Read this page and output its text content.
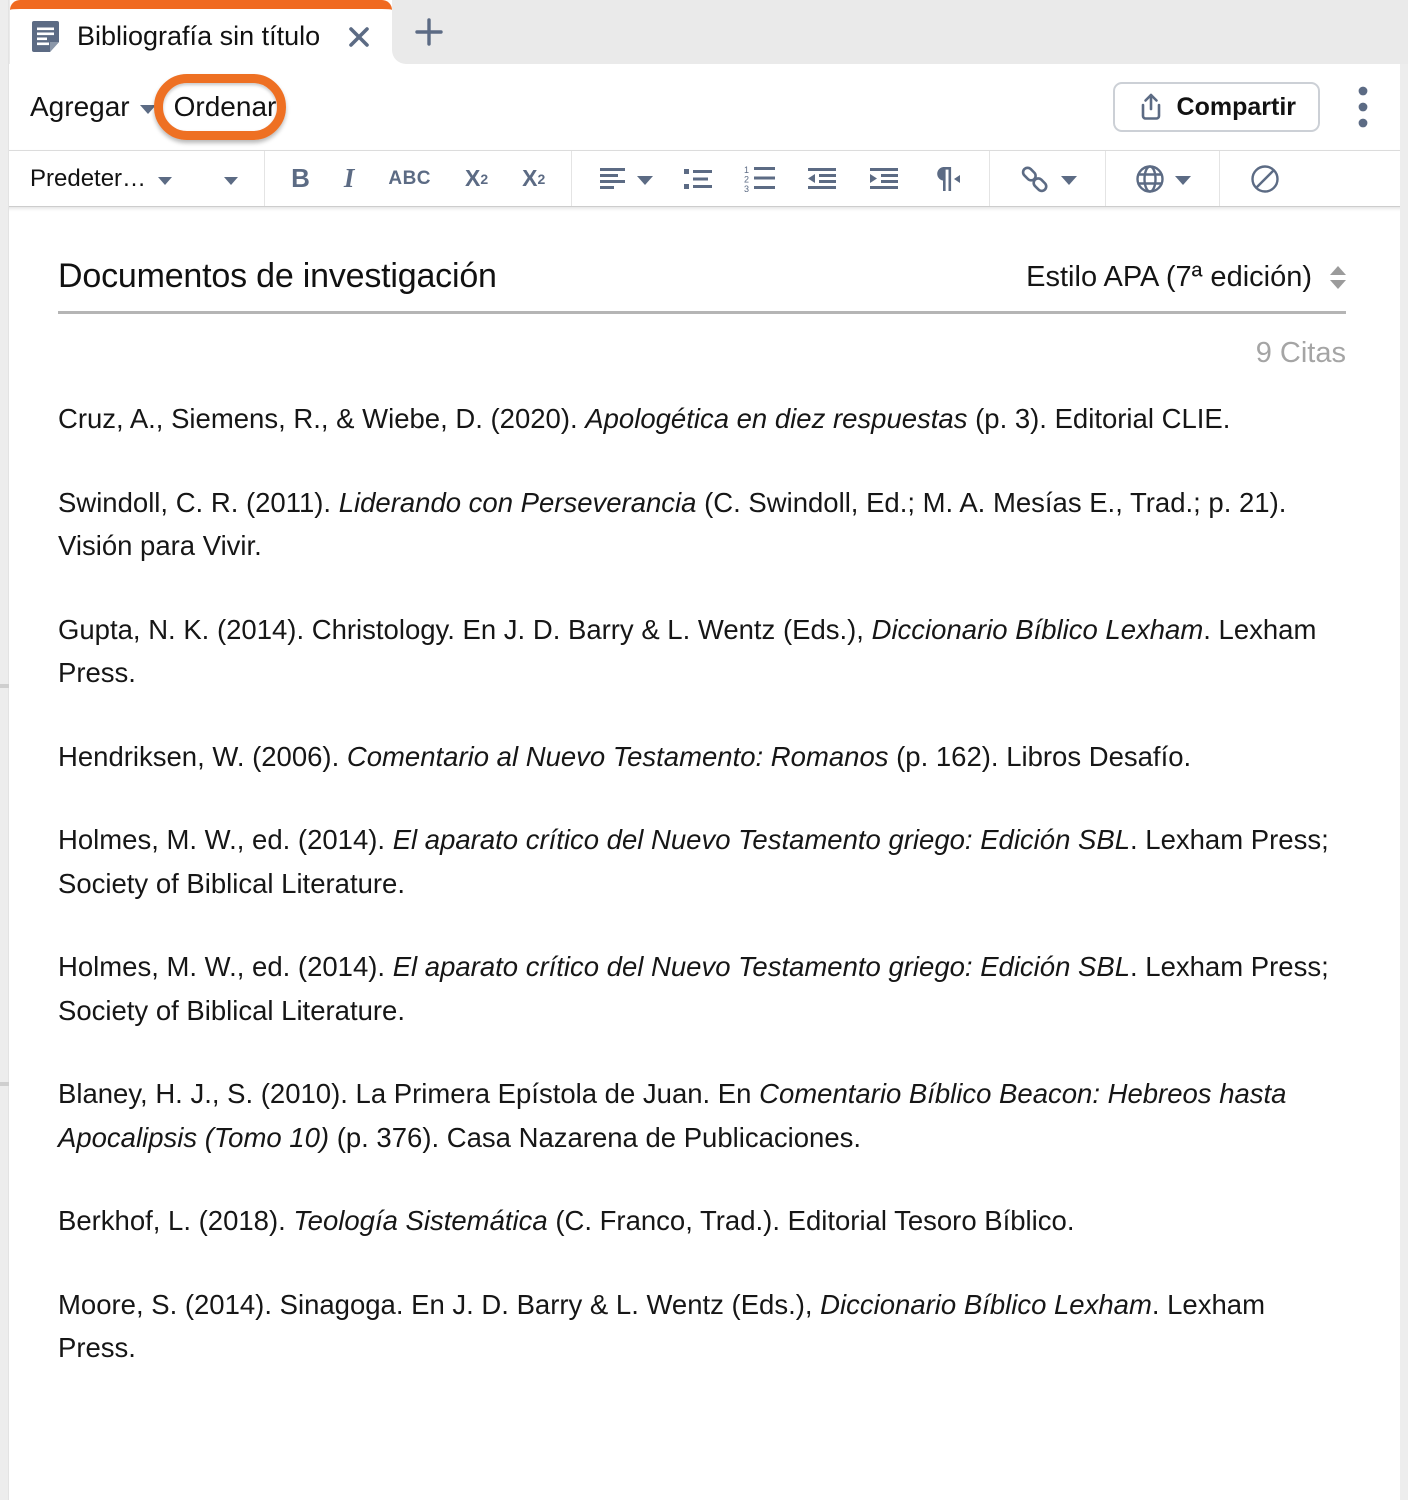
Bibliografía sin título
Agregar Ordenar	Compartir
Predeter…	B I ABC X 2 X 2
1
2
3
Documentos de investigación	Estilo APA (7ª edición)
9 Citas

Cruz, A., Siemens, R., & Wiebe, D. (2020). Apologética en diez respuestas (p. 3). Editorial CLIE.

Swindoll, C. R. (2011). Liderando con Perseverancia (C. Swindoll, Ed.; M. A. Mesías E., Trad.; p. 21). Visión para Vivir.

Gupta, N. K. (2014). Christology. En J. D. Barry & L. Wentz (Eds.), Diccionario Bíblico Lexham. Lexham Press.

Hendriksen, W. (2006). Comentario al Nuevo Testamento: Romanos (p. 162). Libros Desafío.

Holmes, M. W., ed. (2014). El aparato crítico del Nuevo Testamento griego: Edición SBL. Lexham Press; Society of Biblical Literature.

Holmes, M. W., ed. (2014). El aparato crítico del Nuevo Testamento griego: Edición SBL. Lexham Press; Society of Biblical Literature.

Blaney, H. J., S. (2010). La Primera Epístola de Juan. En Comentario Bíblico Beacon: Hebreos hasta Apocalipsis (Tomo 10) (p. 376). Casa Nazarena de Publicaciones.

Berkhof, L. (2018). Teología Sistemática (C. Franco, Trad.). Editorial Tesoro Bíblico.

Moore, S. (2014). Sinagoga. En J. D. Barry & L. Wentz (Eds.), Diccionario Bíblico Lexham. Lexham Press.
